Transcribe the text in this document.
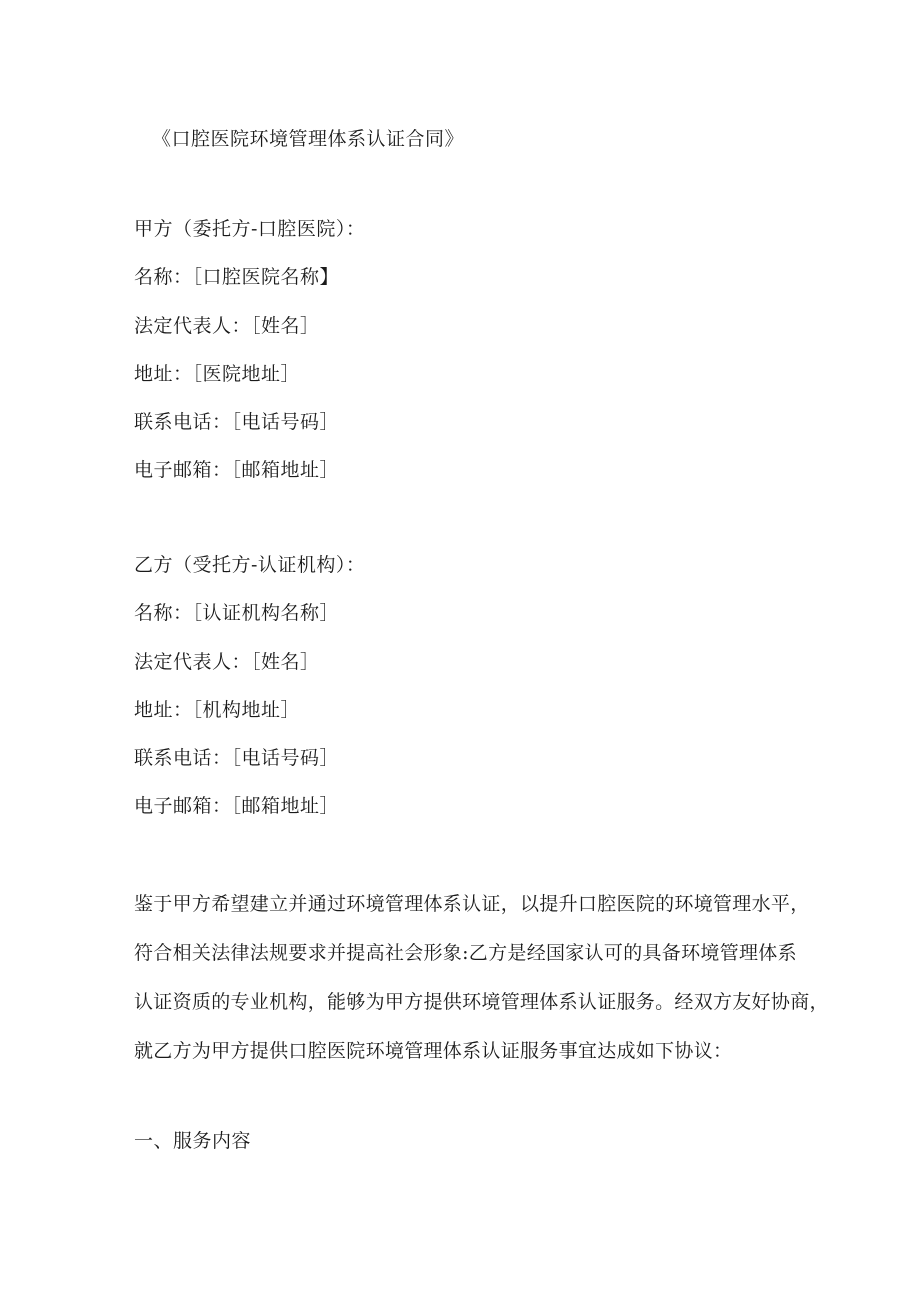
《口腔医院环境管理体系认证合同》
甲方（委托方-口腔医院）：
名称：［口腔医院名称】
法定代表人：［姓名］
地址：［医院地址］
联系电话：［电话号码］
电子邮箱：［邮箱地址］
乙方（受托方-认证机构）：
名称：［认证机构名称］
法定代表人：［姓名］
地址：［机构地址］
联系电话：［电话号码］
电子邮箱：［邮箱地址］
鉴于甲方希望建立并通过环境管理体系认证，以提升口腔医院的环境管理水平，
符合相关法律法规要求并提高社会形象:乙方是经国家认可的具备环境管理体系
认证资质的专业机构，能够为甲方提供环境管理体系认证服务。经双方友好协商，
就乙方为甲方提供口腔医院环境管理体系认证服务事宜达成如下协议：
一、服务内容
